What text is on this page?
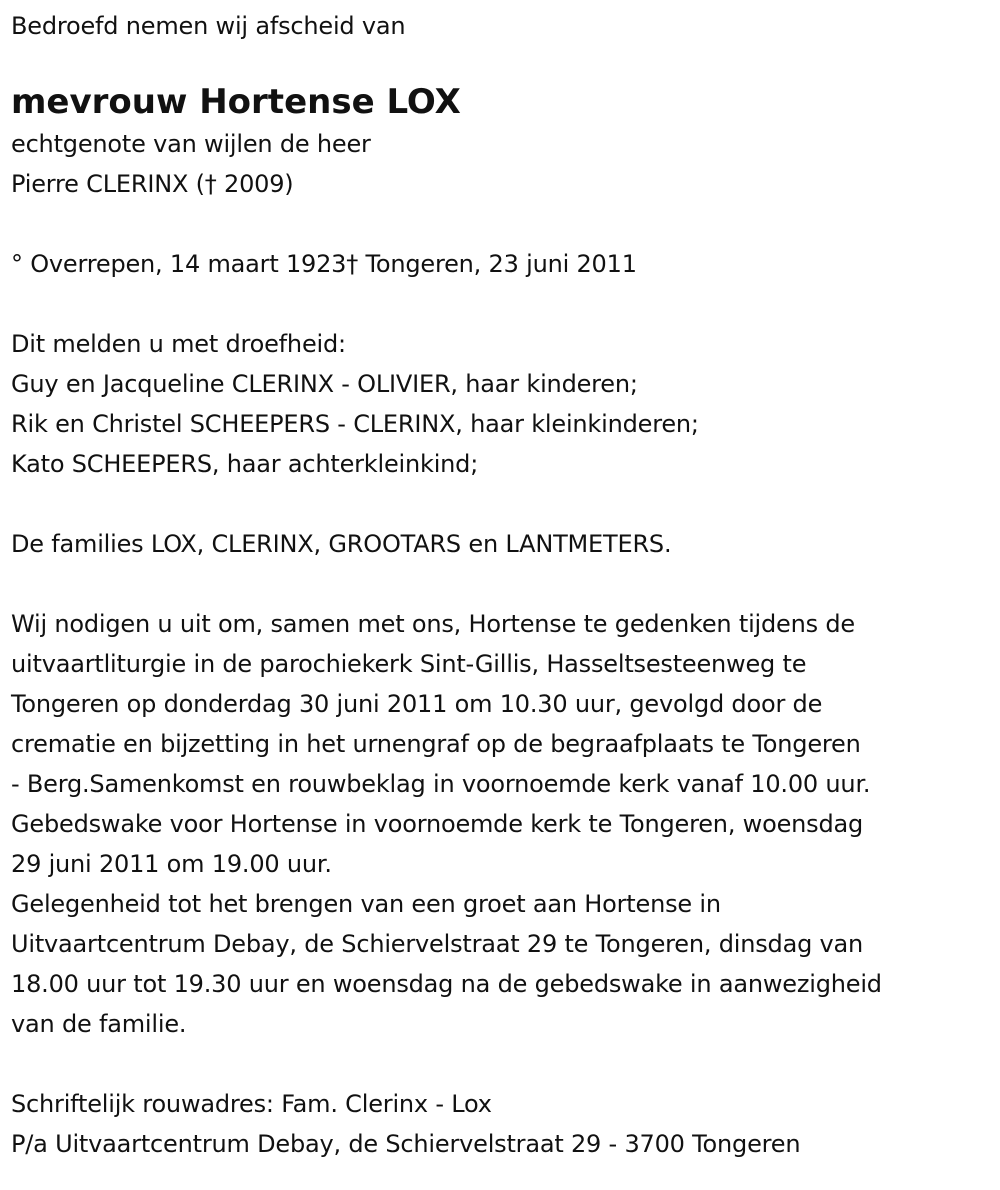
Bedroefd nemen wij afscheid van
mevrouw Hortense LOX
echtgenote van wijlen de heer
Pierre CLERINX († 2009)
° Overrepen, 14 maart 1923† Tongeren, 23 juni 2011
Dit melden u met droefheid:
Guy en Jacqueline CLERINX - OLIVIER, haar kinderen;
Rik en Christel SCHEEPERS - CLERINX, haar kleinkinderen;
Kato SCHEEPERS, haar achterkleinkind;
De families LOX, CLERINX, GROOTARS en LANTMETERS.
Wij nodigen u uit om, samen met ons, Hortense te gedenken tijdens de
uitvaartliturgie in de parochiekerk Sint-Gillis, Hasseltsesteenweg te
Tongeren op donderdag 30 juni 2011 om 10.30 uur, gevolgd door de
crematie en bijzetting in het urnengraf op de begraafplaats te Tongeren
- Berg.Samenkomst en rouwbeklag in voornoemde kerk vanaf 10.00 uur.
Gebedswake voor Hortense in voornoemde kerk te Tongeren, woensdag
29 juni 2011 om 19.00 uur.
Gelegenheid tot het brengen van een groet aan Hortense in
Uitvaartcentrum Debay, de Schiervelstraat 29 te Tongeren, dinsdag van
18.00 uur tot 19.30 uur en woensdag na de gebedswake in aanwezigheid
van de familie.
Schriftelijk rouwadres: Fam. Clerinx - Lox
P/a Uitvaartcentrum Debay, de Schiervelstraat 29 - 3700 Tongeren
